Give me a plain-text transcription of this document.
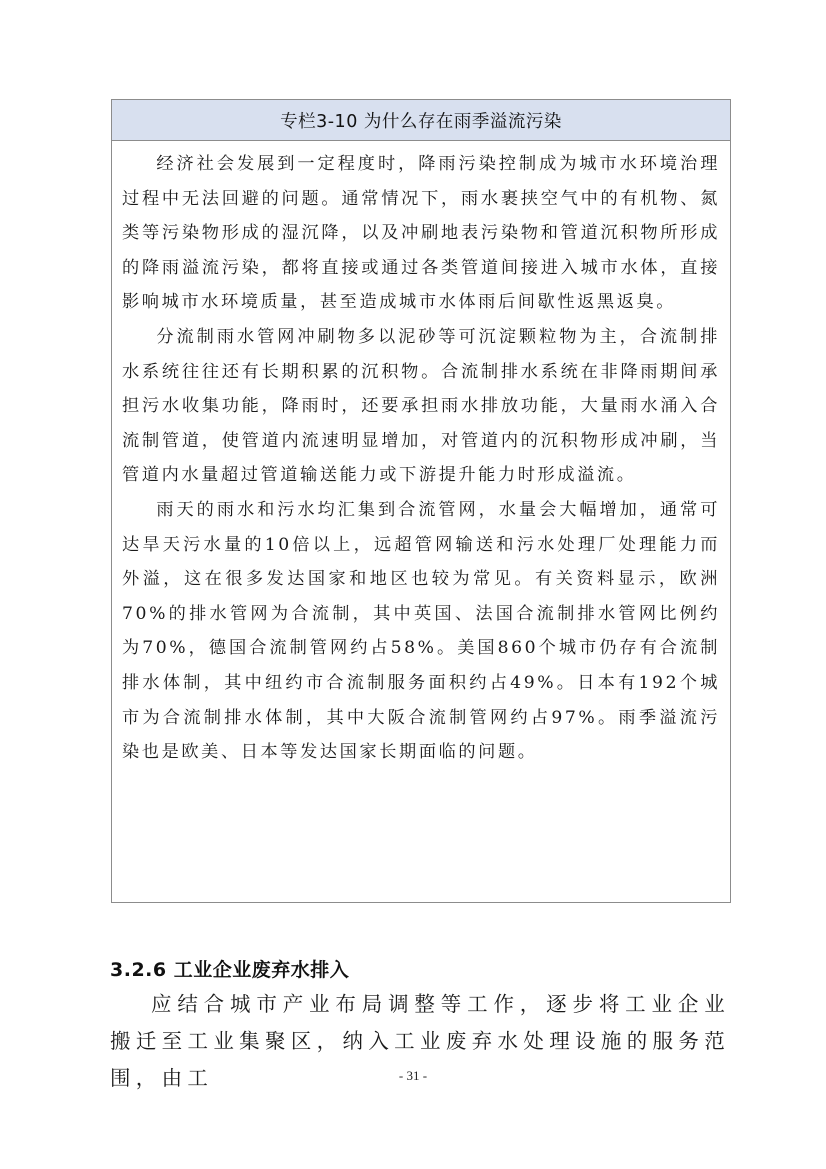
专栏3-10 为什么存在雨季溢流污染

经济社会发展到一定程度时，降雨污染控制成为城市水环境治理过程中无法回避的问题。通常情况下，雨水裹挟空气中的有机物、氮类等污染物形成的湿沉降，以及冲刷地表污染物和管道沉积物所形成的降雨溢流污染，都将直接或通过各类管道间接进入城市水体，直接影响城市水环境质量，甚至造成城市水体雨后间歇性返黑返臭。

分流制雨水管网冲刷物多以泥砂等可沉淀颗粒物为主，合流制排水系统往往还有长期积累的沉积物。合流制排水系统在非降雨期间承担污水收集功能，降雨时，还要承担雨水排放功能，大量雨水涌入合流制管道，使管道内流速明显增加，对管道内的沉积物形成冲刷，当管道内水量超过管道输送能力或下游提升能力时形成溢流。

雨天的雨水和污水均汇集到合流管网，水量会大幅增加，通常可达旱天污水量的10倍以上，远超管网输送和污水处理厂处理能力而外溢，这在很多发达国家和地区也较为常见。有关资料显示，欧洲70%的排水管网为合流制，其中英国、法国合流制排水管网比例约为70%，德国合流制管网约占58%。美国860个城市仍存有合流制排水体制，其中纽约市合流制服务面积约占49%。日本有192个城市为合流制排水体制，其中大阪合流制管网约占97%。雨季溢流污染也是欧美、日本等发达国家长期面临的问题。

3.2.6 工业企业废弃水排入

应结合城市产业布局调整等工作，逐步将工业企业搬迁至工业集聚区，纳入工业废弃水处理设施的服务范围，由工	- 31 -
